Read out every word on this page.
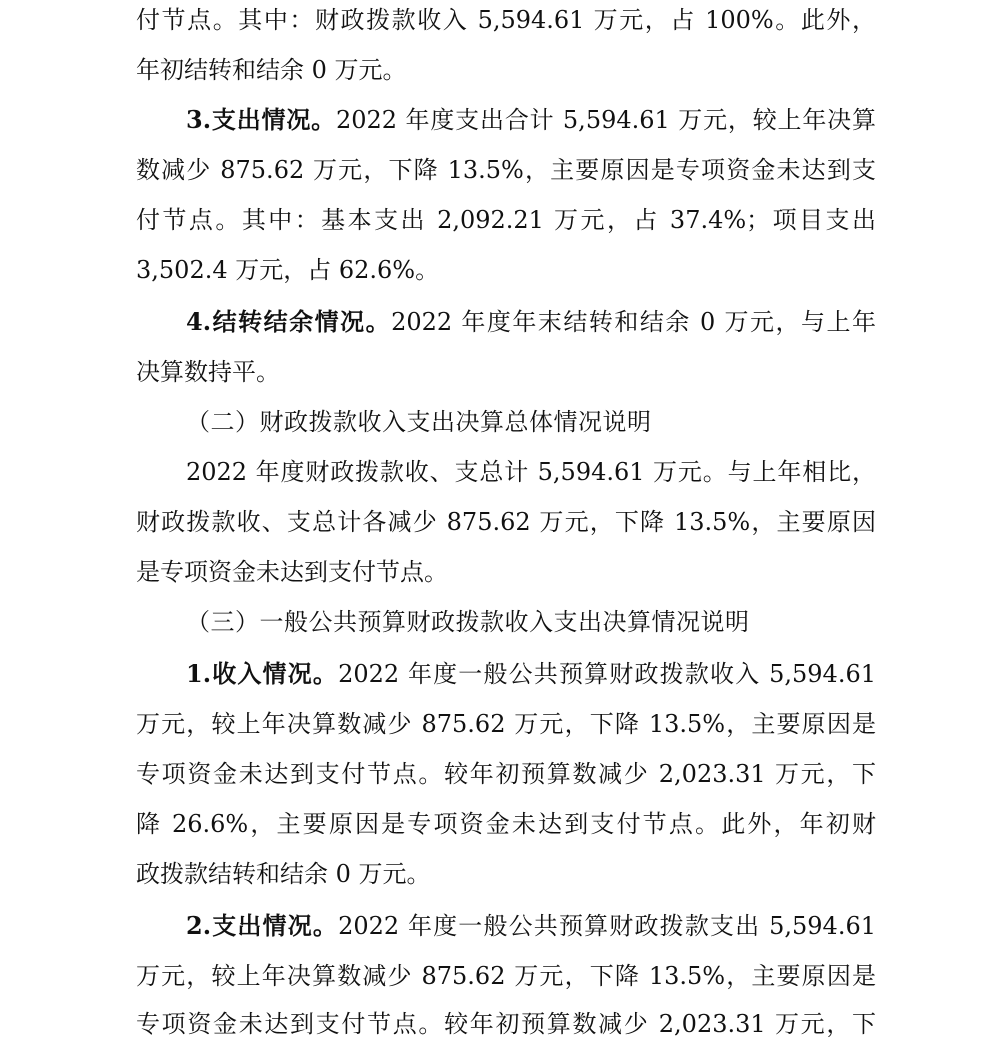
付节点。其中：财政拨款收入 5,594.61 万元，占 100%。此外，
年初结转和结余 0 万元。
3.支出情况。2022 年度支出合计 5,594.61 万元，较上年决算
数减少 875.62 万元，下降 13.5%，主要原因是专项资金未达到支
付节点。其中：基本支出 2,092.21 万元，占 37.4%；项目支出
3,502.4 万元，占 62.6%。
4.结转结余情况。2022 年度年末结转和结余 0 万元，与上年
决算数持平。
（二）财政拨款收入支出决算总体情况说明
2022 年度财政拨款收、支总计 5,594.61 万元。与上年相比，
财政拨款收、支总计各减少 875.62 万元，下降 13.5%，主要原因
是专项资金未达到支付节点。
（三）一般公共预算财政拨款收入支出决算情况说明
1.收入情况。2022 年度一般公共预算财政拨款收入 5,594.61
万元，较上年决算数减少 875.62 万元，下降 13.5%，主要原因是
专项资金未达到支付节点。较年初预算数减少 2,023.31 万元，下
降 26.6%，主要原因是专项资金未达到支付节点。此外，年初财
政拨款结转和结余 0 万元。
2.支出情况。2022 年度一般公共预算财政拨款支出 5,594.61
万元，较上年决算数减少 875.62 万元，下降 13.5%，主要原因是
专项资金未达到支付节点。较年初预算数减少 2,023.31 万元，下
